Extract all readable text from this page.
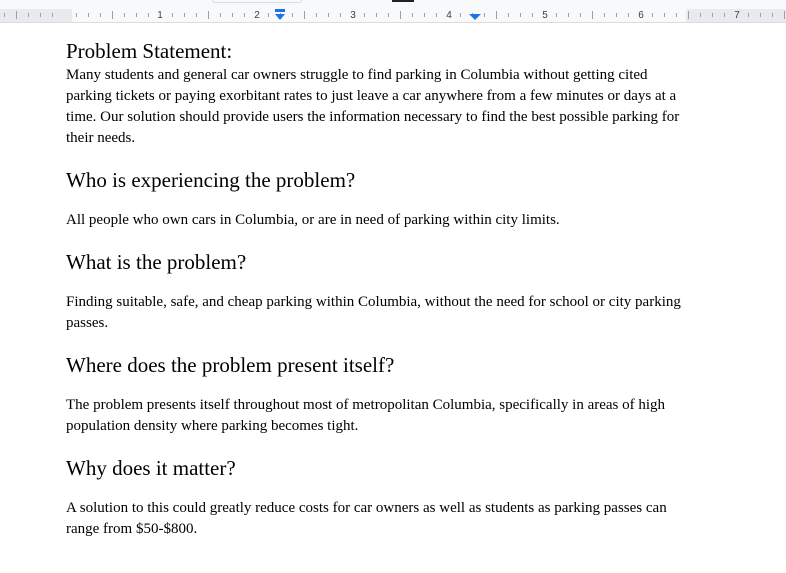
1	2	3	4	5	6	7
Problem Statement:

Many students and general car owners struggle to find parking in Columbia without getting cited parking tickets or paying exorbitant rates to just leave a car anywhere from a few minutes or days at a time. Our solution should provide users the information necessary to find the best possible parking for their needs.

Who is experiencing the problem?

All people who own cars in Columbia, or are in need of parking within city limits.

What is the problem?

Finding suitable, safe, and cheap parking within Columbia, without the need for school or city parking passes.

Where does the problem present itself?

The problem presents itself throughout most of metropolitan Columbia, specifically in areas of high population density where parking becomes tight.

Why does it matter?

A solution to this could greatly reduce costs for car owners as well as students as parking passes can range from $50-$800.
